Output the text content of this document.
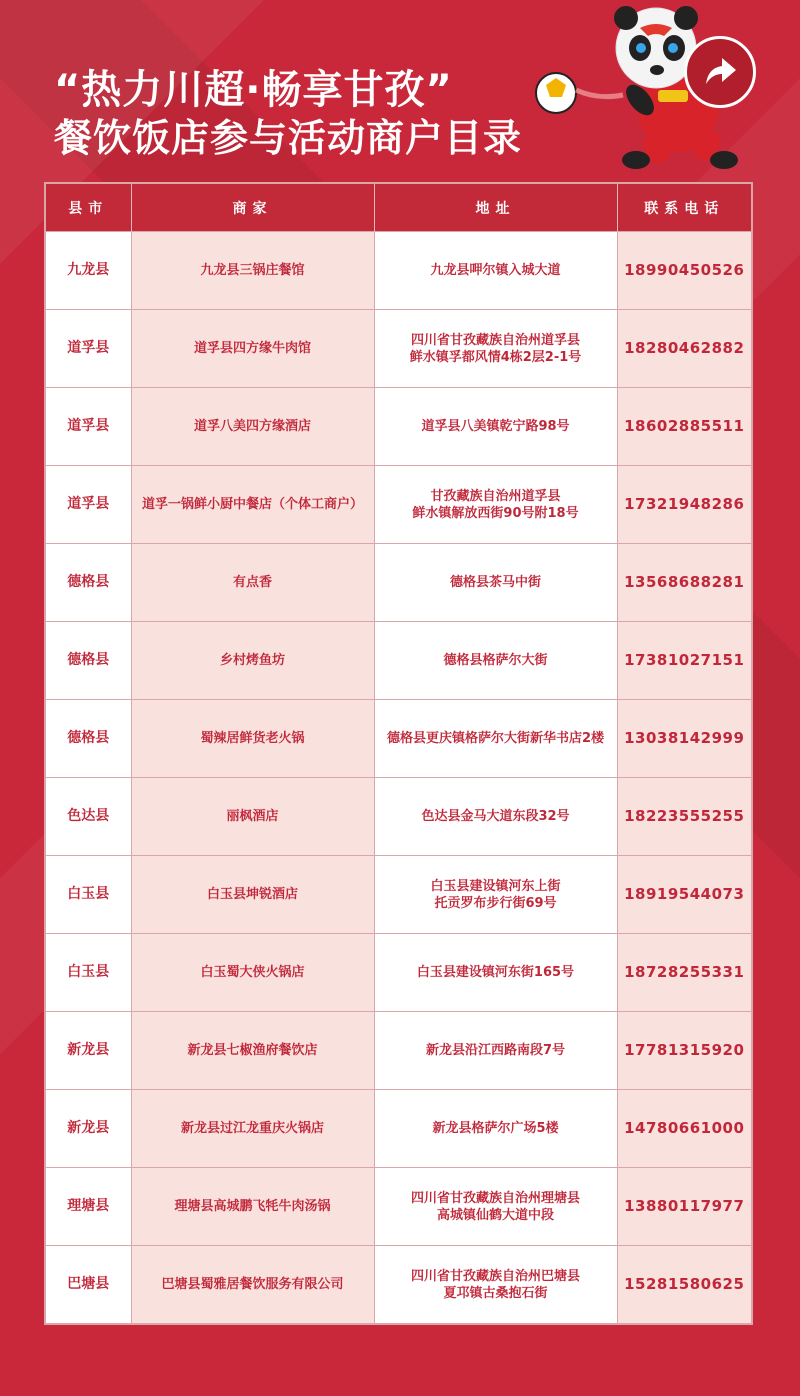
“热力川超·畅享甘孜”
餐饮饭店参与活动商户目录
县市	商家	地址	联系电话
九龙县	九龙县三锅庄餐馆	九龙县呷尔镇入城大道	18990450526
道孚县	道孚县四方缘牛肉馆	四川省甘孜藏族自治州道孚县
鲜水镇孚都风情4栋2层2-1号	18280462882
道孚县	道孚八美四方缘酒店	道孚县八美镇乾宁路98号	18602885511
道孚县	道孚一锅鲜小厨中餐店（个体工商户）	甘孜藏族自治州道孚县
鲜水镇解放西街90号附18号	17321948286
德格县	有点香	德格县茶马中街	13568688281
德格县	乡村烤鱼坊	德格县格萨尔大街	17381027151
德格县	蜀辣居鲜货老火锅	德格县更庆镇格萨尔大街新华书店2楼	13038142999
色达县	丽枫酒店	色达县金马大道东段32号	18223555255
白玉县	白玉县坤锐酒店	白玉县建设镇河东上街
托贡罗布步行街69号	18919544073
白玉县	白玉蜀大侠火锅店	白玉县建设镇河东街165号	18728255331
新龙县	新龙县七椒渔府餐饮店	新龙县沿江西路南段7号	17781315920
新龙县	新龙县过江龙重庆火锅店	新龙县格萨尔广场5楼	14780661000
理塘县	理塘县高城鹏飞牦牛肉汤锅	四川省甘孜藏族自治州理塘县
高城镇仙鹤大道中段	13880117977
巴塘县	巴塘县蜀雅居餐饮服务有限公司	四川省甘孜藏族自治州巴塘县
夏邛镇古桑抱石街	15281580625
